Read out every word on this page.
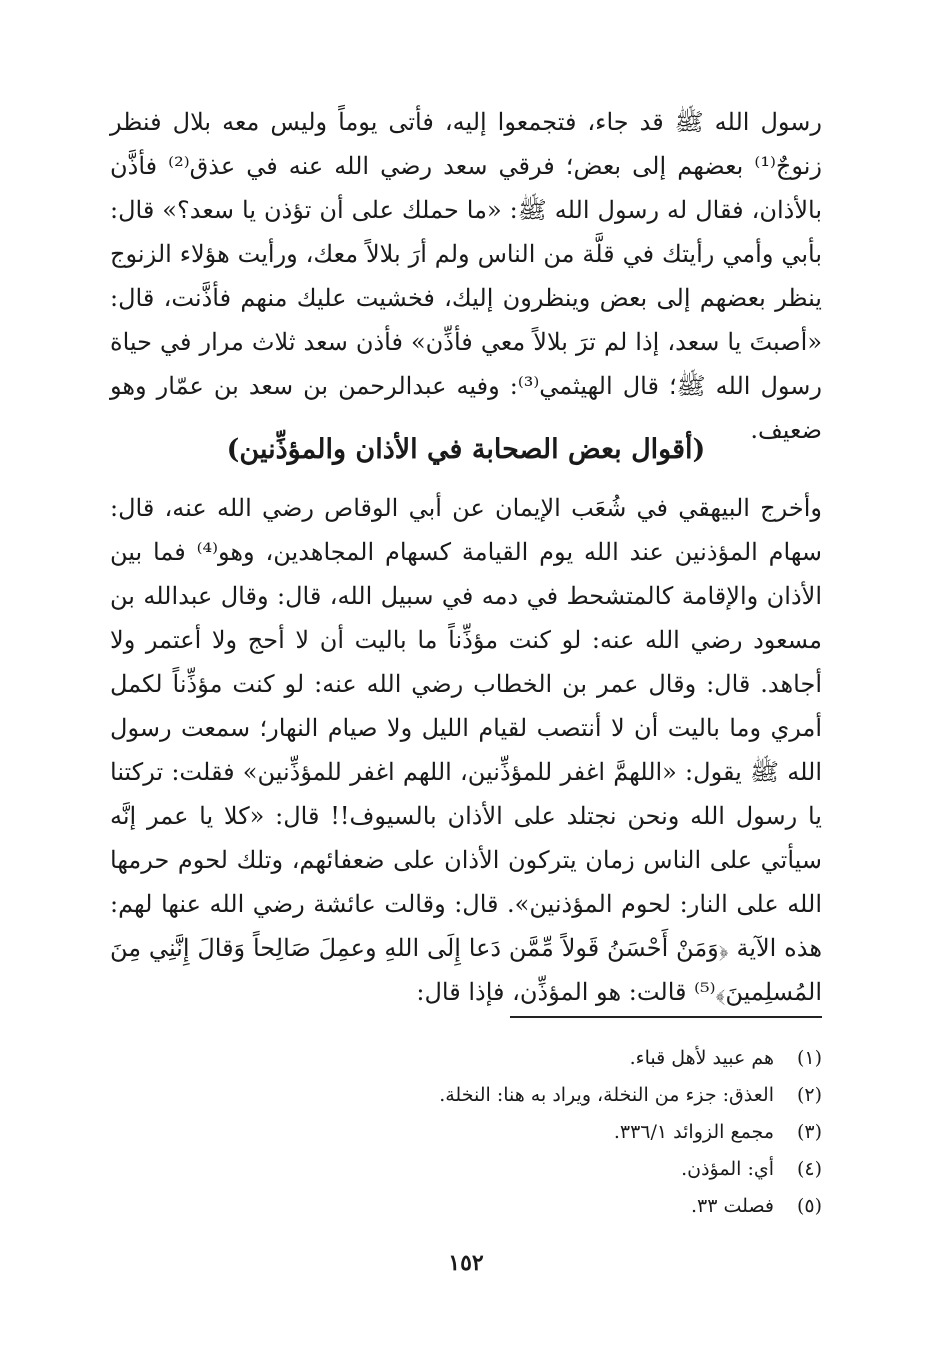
رسول الله ﷺ قد جاء، فتجمعوا إليه، فأتى يوماً وليس معه بلال فنظر زنوجٌ⁽¹⁾ بعضهم إلى بعض؛ فرقي سعد رضي الله عنه في عذق⁽²⁾ فأذَّن بالأذان، فقال له رسول الله ﷺ: «ما حملك على أن تؤذن يا سعد؟» قال: بأبي وأمي رأيتك في قلَّة من الناس ولم أرَ بلالاً معك، ورأيت هؤلاء الزنوج ينظر بعضهم إلى بعض وينظرون إليك، فخشيت عليك منهم فأذَّنت، قال: «أصبتَ يا سعد، إذا لم ترَ بلالاً معي فأذِّن» فأذن سعد ثلاث مرار في حياة رسول الله ﷺ؛ قال الهيثمي⁽³⁾: وفيه عبدالرحمن بن سعد بن عمّار وهو ضعيف.

(أقوال بعض الصحابة في الأذان والمؤذِّنين)

وأخرج البيهقي في شُعَب الإيمان عن أبي الوقاص رضي الله عنه، قال: سهام المؤذنين عند الله يوم القيامة كسهام المجاهدين، وهو⁽⁴⁾ فما بين الأذان والإقامة كالمتشحط في دمه في سبيل الله، قال: وقال عبدالله بن مسعود رضي الله عنه: لو كنت مؤذِّناً ما باليت أن لا أحج ولا أعتمر ولا أجاهد. قال: وقال عمر بن الخطاب رضي الله عنه: لو كنت مؤذِّناً لكمل أمري وما باليت أن لا أنتصب لقيام الليل ولا صيام النهار؛ سمعت رسول الله ﷺ يقول: «اللهمَّ اغفر للمؤذِّنين، اللهم اغفر للمؤذِّنين» فقلت: تركتنا يا رسول الله ونحن نجتلد على الأذان بالسيوف!! قال: «كلا يا عمر إنَّه سيأتي على الناس زمان يتركون الأذان على ضعفائهم، وتلك لحوم حرمها الله على النار: لحوم المؤذنين». قال: وقالت عائشة رضي الله عنها لهم: هذه الآية ﴿وَمَنْ أَحْسَنُ قَولاً مِّمَّن دَعا إِلَى اللهِ وعمِلَ صَالِحاً وَقالَ إِنَّنِي مِنَ المُسلِمينَ﴾⁽⁵⁾ قالت: هو المؤذِّن، فإذا قال:

(١)
هم عبيد لأهل قباء.
(٢)
العذق: جزء من النخلة، ويراد به هنا: النخلة.
(٣)
مجمع الزوائد ٣٣٦/١.
(٤)
أي: المؤذن.
(٥)
فصلت ٣٣.
١٥٢
